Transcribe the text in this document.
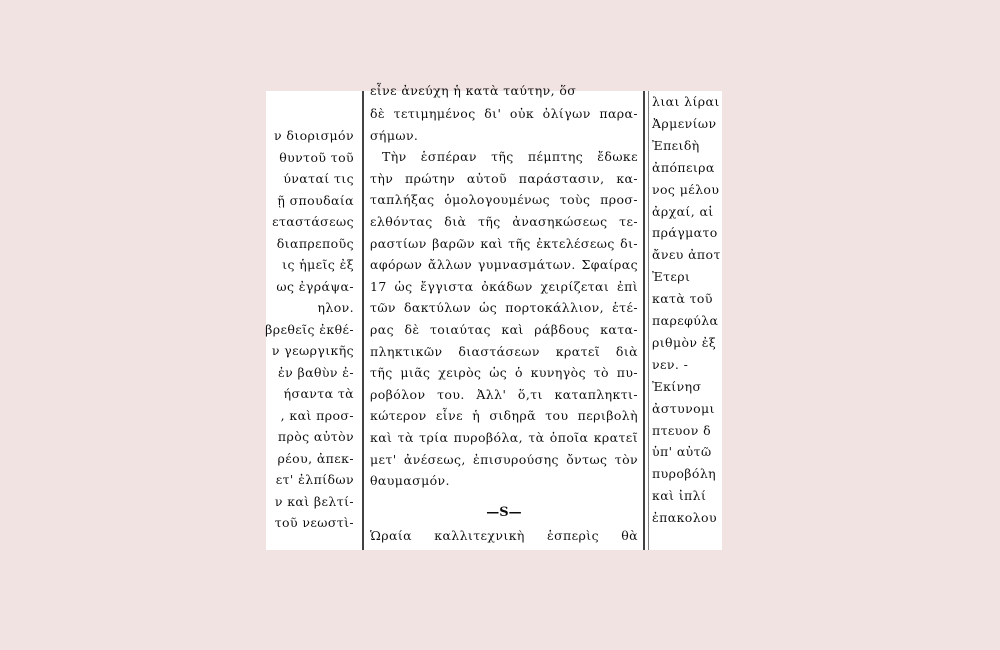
ν διορισμόν
θυντοῦ τοῦ
ύναταί τις
ῇ σπουδαία
εταστάσεως
διαπρεποῦς
ις ἡμεῖς ἐξ
ως ἐγράψα-
ηλον.
βρεθεῖς ἐκθέ-
ν γεωργικῆς
ἐν βαθὺν ἐ-
ήσαντα τὰ
, καὶ προσ-
πρὸς αὐτὸν
ρέου, ἀπεκ-
ετ' ἐλπίδων
ν καὶ βελτί-
τοῦ νεωστὶ-
εἶνε ἀνεύχη ἡ κατὰ ταύτην, ὅσ
—S—
Ὡραία καλλιτεχνικὴ ἑσπερὶς θὰ
δὲ τετιμημένος δι' οὐκ ὀλίγων παρα-
σήμων.
Τὴν ἑσπέραν τῆς πέμπτης ἔδωκε
τὴν πρώτην αὐτοῦ παράστασιν, κα-
ταπλήξας ὁμολογουμένως τοὺς προσ-
ελθόντας διὰ τῆς ἀνασηκώσεως τε-
ραστίων βαρῶν καὶ τῆς ἐκτελέσεως δι-
αφόρων ἄλλων γυμνασμάτων. Σφαίρας
17 ὡς ἔγγιστα ὀκάδων χειρίζεται ἐπὶ
τῶν δακτύλων ὡς πορτοκάλλιον, ἑτέ-
ρας δὲ τοιαύτας καὶ ράβδους κατα-
πληκτικῶν διαστάσεων κρατεῖ διὰ
τῆς μιᾶς χειρὸς ὡς ὁ κυνηγὸς τὸ πυ-
ροβόλον του. Ἀλλ' ὅ,τι καταπληκτι-
κώτερον εἶνε ἡ σιδηρᾶ του περιβολὴ
καὶ τὰ τρία πυροβόλα, τὰ ὁποῖα κρατεῖ
μετ' ἀνέσεως, ἐπισυρούσης ὄντως τὸν
θαυμασμόν.
λιαι λίραι
Ἀρμενίων
Ἐπειδὴ
ἀπόπειρα
νος μέλου
ἀρχαί, αἱ
πράγματο
ἄνευ ἀποτ
Ἐτερι
κατὰ τοῦ
παρεφύλα
ριθμὸν ἐξ
νεν. -
Ἐκίνησ
ἀστυνομι
πτευον δ
ὑπ' αὐτῶ
πυροβόλη
καὶ ἰπλί
ἐπακολου
